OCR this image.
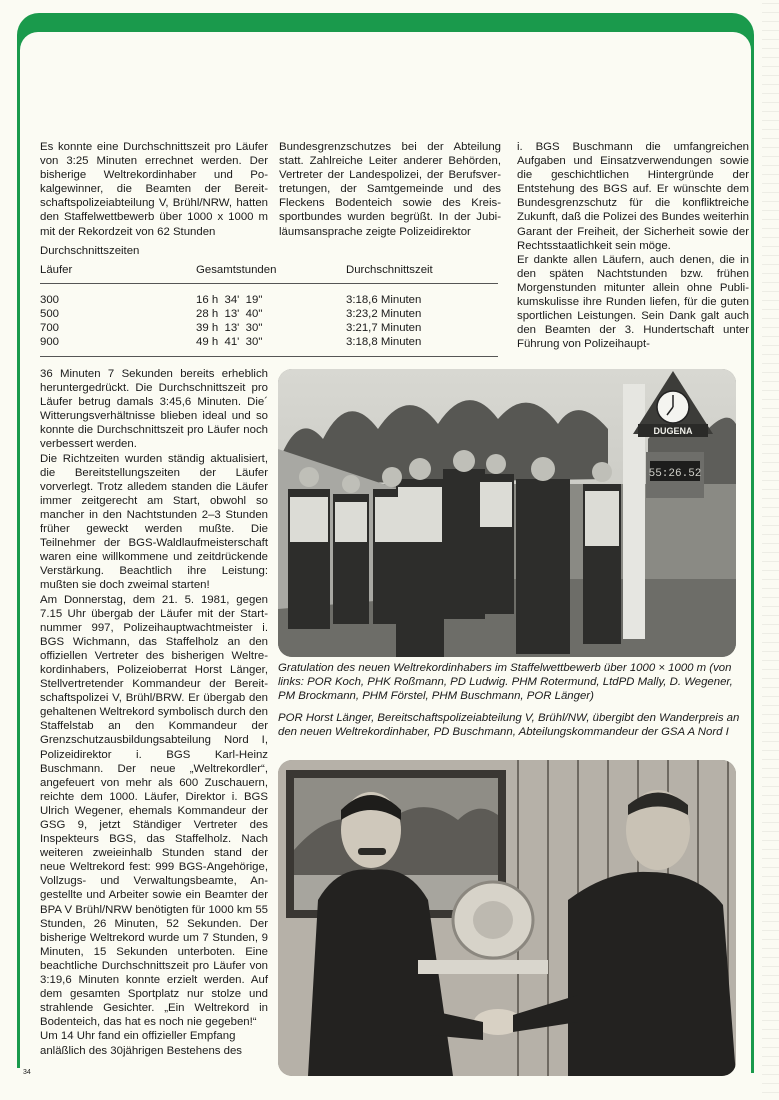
Es konnte eine Durchschnittszeit pro Läufer von 3:25 Minuten errechnet werden. Der bisherige Weltrekordinhaber und Pokalgewinner, die Beamten der Bereitschaftspolizeiabteilung V, Brühl/NRW, hatten den Staffelwettbewerb über 1000 x 1000 m mit der Rekordzeit von 62 Stunden

Bundesgrenzschutzes bei der Abteilung statt. Zahlreiche Leiter anderer Behörden, Vertreter der Landespolizei, der Berufsvertretungen, der Samtgemeinde und des Fleckens Bodenteich sowie des Kreissportbundes wurden begrüßt. In der Jubiläumsansprache zeigte Polizeidirektor

i. BGS Buschmann die umfangreichen Aufgaben und Einsatzverwendungen sowie die geschichtlichen Hintergründe der Entstehung des BGS auf. Er wünschte dem Bundesgrenzschutz für die konfliktreiche Zukunft, daß die Polizei des Bundes weiterhin Garant der Freiheit, der Sicherheit sowie der Rechtsstaatlichkeit sein möge.

Er dankte allen Läufern, auch denen, die in den späten Nachtstunden bzw. frühen Morgenstunden mitunter allein ohne Publikumskulisse ihre Runden liefen, für die guten sportlichen Leistungen. Sein Dank galt auch den Beamten der 3. Hundertschaft unter Führung von Polizeihaupt-

Durchschnittszeiten
Läufer	Gesamtstunden	Durchschnittszeit
300	16 h  34'  19"	3:18,6 Minuten
500	28 h  13'  40"	3:23,2 Minuten
700	39 h  13'  30"	3:21,7 Minuten
900	49 h  41'  30"	3:18,8 Minuten

36 Minuten 7 Sekunden bereits erheblich heruntergedrückt. Die Durchschnittszeit pro Läufer betrug damals 3:45,6 Minuten. Die´ Witterungsverhältnisse blieben ideal und so konnte die Durchschnittszeit pro Läufer noch verbessert werden.

Die Richtzeiten wurden ständig aktualisiert, die Bereitstellungszeiten der Läufer vorverlegt. Trotz alledem standen die Läufer immer zeitgerecht am Start, obwohl so mancher in den Nachtstunden 2–3 Stunden früher geweckt werden mußte. Die Teilnehmer der BGS-Waldlaufmeisterschaft waren eine willkommene und zeitdrückende Verstärkung. Beachtlich ihre Leistung: mußten sie doch zweimal starten!

Am Donnerstag, dem 21. 5. 1981, gegen 7.15 Uhr übergab der Läufer mit der Startnummer 997, Polizeihauptwachtmeister i. BGS Wichmann, das Staffelholz an den offiziellen Vertreter des bisherigen Weltrekordinhabers, Polizeioberrat Horst Länger, Stellvertretender Kommandeur der Bereitschaftspolizei V, Brühl/BRW. Er übergab den gehaltenen Weltrekord symbolisch durch den Staffelstab an den Kommandeur der Grenzschutzausbildungsabteilung Nord I, Polizeidirektor i. BGS Karl-Heinz Buschmann. Der neue „Weltrekordler“, angefeuert von mehr als 600 Zuschauern, reichte dem 1000. Läufer, Direktor i. BGS Ulrich Wegener, ehemals Kommandeur der GSG 9, jetzt Ständiger Vertreter des Inspekteurs BGS, das Staffelholz. Nach weiteren zweieinhalb Stunden stand der neue Weltrekord fest: 999 BGS-Angehörige, Vollzugs- und Verwaltungsbeamte, Angestellte und Arbeiter sowie ein Beamter der BPA V Brühl/NRW benötigten für 1000 km 55 Stunden, 26 Minuten, 52 Sekunden. Der bisherige Weltrekord wurde um 7 Stunden, 9 Minuten, 15 Sekunden unterboten. Eine beachtliche Durchschnittszeit pro Läufer von 3:19,6 Minuten konnte erzielt werden. Auf dem gesamten Sportplatz nur stolze und strahlende Gesichter. „Ein Weltrekord in Bodenteich, das hat es noch nie gegeben!“

Um 14 Uhr fand ein offizieller Empfang anläßlich des 30jährigen Bestehens des

DUGENA
55:26.52
Gratulation des neuen Weltrekordinhabers im Staffelwettbewerb über 1000 × 1000 m (von links: POR Koch, PHK Roßmann, PD Ludwig. PHM Rotermund, LtdPD Mally, D. Wegener, PM Brockmann, PHM Förstel, PHM Buschmann, POR Länger)
POR Horst Länger, Bereitschaftspolizeiabteilung V, Brühl/NW, übergibt den Wanderpreis an den neuen Weltrekordinhaber, PD Buschmann, Abteilungskommandeur der GSA A Nord I
34
